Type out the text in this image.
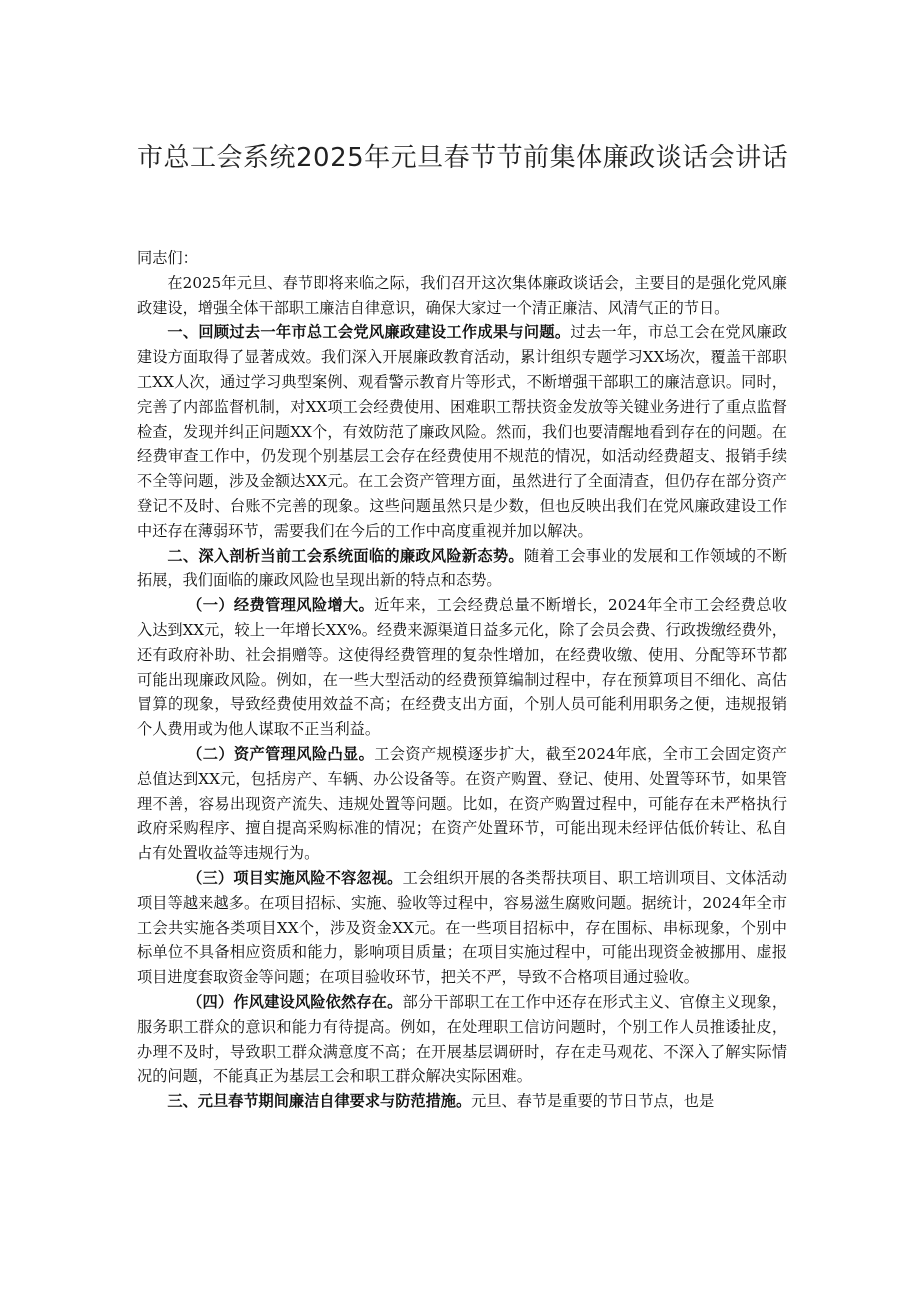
市总工会系统2025年元旦春节节前集体廉政谈话会讲话

同志们：

在2025年元旦、春节即将来临之际，我们召开这次集体廉政谈话会，主要目的是强化党风廉政建设，增强全体干部职工廉洁自律意识，确保大家过一个清正廉洁、风清气正的节日。

一、回顾过去一年市总工会党风廉政建设工作成果与问题。过去一年，市总工会在党风廉政建设方面取得了显著成效。我们深入开展廉政教育活动，累计组织专题学习XX场次，覆盖干部职工XX人次，通过学习典型案例、观看警示教育片等形式，不断增强干部职工的廉洁意识。同时，完善了内部监督机制，对XX项工会经费使用、困难职工帮扶资金发放等关键业务进行了重点监督检查，发现并纠正问题XX个，有效防范了廉政风险。然而，我们也要清醒地看到存在的问题。在经费审查工作中，仍发现个别基层工会存在经费使用不规范的情况，如活动经费超支、报销手续不全等问题，涉及金额达XX元。在工会资产管理方面，虽然进行了全面清查，但仍存在部分资产登记不及时、台账不完善的现象。这些问题虽然只是少数，但也反映出我们在党风廉政建设工作中还存在薄弱环节，需要我们在今后的工作中高度重视并加以解决。

二、深入剖析当前工会系统面临的廉政风险新态势。随着工会事业的发展和工作领域的不断拓展，我们面临的廉政风险也呈现出新的特点和态势。

（一）经费管理风险增大。近年来，工会经费总量不断增长，2024年全市工会经费总收入达到XX元，较上一年增长XX%。经费来源渠道日益多元化，除了会员会费、行政拨缴经费外，还有政府补助、社会捐赠等。这使得经费管理的复杂性增加，在经费收缴、使用、分配等环节都可能出现廉政风险。例如，在一些大型活动的经费预算编制过程中，存在预算项目不细化、高估冒算的现象，导致经费使用效益不高；在经费支出方面，个别人员可能利用职务之便，违规报销个人费用或为他人谋取不正当利益。

（二）资产管理风险凸显。工会资产规模逐步扩大，截至2024年底，全市工会固定资产总值达到XX元，包括房产、车辆、办公设备等。在资产购置、登记、使用、处置等环节，如果管理不善，容易出现资产流失、违规处置等问题。比如，在资产购置过程中，可能存在未严格执行政府采购程序、擅自提高采购标准的情况；在资产处置环节，可能出现未经评估低价转让、私自占有处置收益等违规行为。

（三）项目实施风险不容忽视。工会组织开展的各类帮扶项目、职工培训项目、文体活动项目等越来越多。在项目招标、实施、验收等过程中，容易滋生腐败问题。据统计，2024年全市工会共实施各类项目XX个，涉及资金XX元。在一些项目招标中，存在围标、串标现象，个别中标单位不具备相应资质和能力，影响项目质量；在项目实施过程中，可能出现资金被挪用、虚报项目进度套取资金等问题；在项目验收环节，把关不严，导致不合格项目通过验收。

（四）作风建设风险依然存在。部分干部职工在工作中还存在形式主义、官僚主义现象，服务职工群众的意识和能力有待提高。例如，在处理职工信访问题时，个别工作人员推诿扯皮，办理不及时，导致职工群众满意度不高；在开展基层调研时，存在走马观花、不深入了解实际情况的问题，不能真正为基层工会和职工群众解决实际困难。

三、元旦春节期间廉洁自律要求与防范措施。元旦、春节是重要的节日节点，也是
